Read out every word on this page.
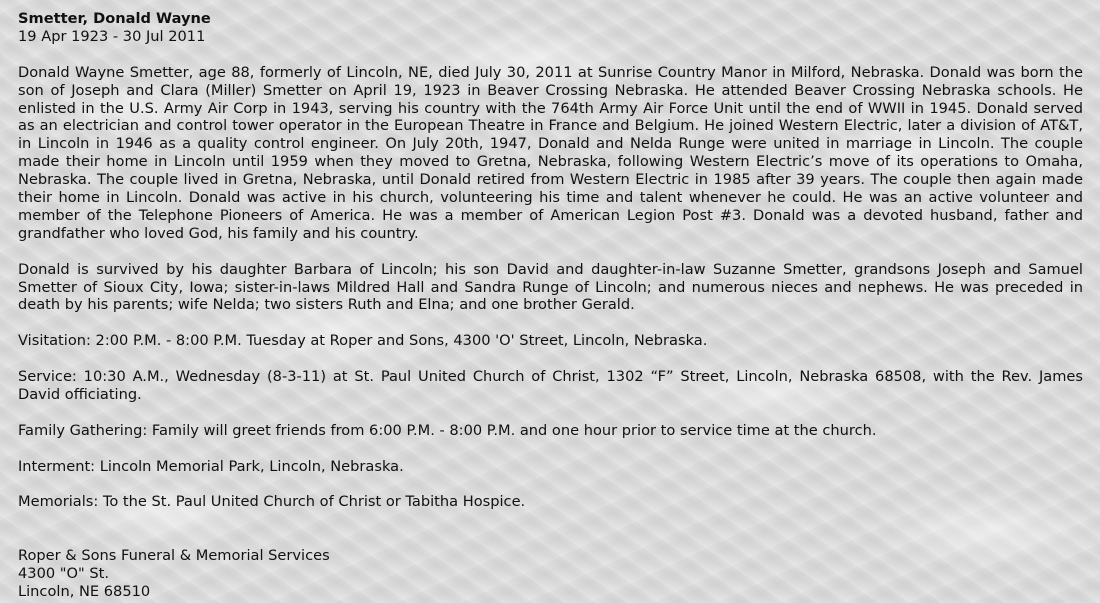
Smetter, Donald Wayne

19 Apr 1923 - 30 Jul 2011

Donald Wayne Smetter, age 88, formerly of Lincoln, NE, died July 30, 2011 at Sunrise Country Manor in Milford, Nebraska. Donald was born the son of Joseph and Clara (Miller) Smetter on April 19, 1923 in Beaver Crossing Nebraska. He attended Beaver Crossing Nebraska schools. He enlisted in the U.S. Army Air Corp in 1943, serving his country with the 764th Army Air Force Unit until the end of WWII in 1945. Donald served as an electrician and control tower operator in the European Theatre in France and Belgium. He joined Western Electric, later a division of AT&T, in Lincoln in 1946 as a quality control engineer. On July 20th, 1947, Donald and Nelda Runge were united in marriage in Lincoln. The couple made their home in Lincoln until 1959 when they moved to Gretna, Nebraska, following Western Electric’s move of its operations to Omaha, Nebraska. The couple lived in Gretna, Nebraska, until Donald retired from Western Electric in 1985 after 39 years. The couple then again made their home in Lincoln. Donald was active in his church, volunteering his time and talent whenever he could. He was an active volunteer and member of the Telephone Pioneers of America. He was a member of American Legion Post #3. Donald was a devoted husband, father and grandfather who loved God, his family and his country.

Donald is survived by his daughter Barbara of Lincoln; his son David and daughter-in-law Suzanne Smetter, grandsons Joseph and Samuel Smetter of Sioux City, Iowa; sister-in-laws Mildred Hall and Sandra Runge of Lincoln; and numerous nieces and nephews. He was preceded in death by his parents; wife Nelda; two sisters Ruth and Elna; and one brother Gerald.

Visitation: 2:00 P.M. - 8:00 P.M. Tuesday at Roper and Sons, 4300 'O' Street, Lincoln, Nebraska.

Service: 10:30 A.M., Wednesday (8-3-11) at St. Paul United Church of Christ, 1302 “F” Street, Lincoln, Nebraska 68508, with the Rev. James David officiating.

Family Gathering: Family will greet friends from 6:00 P.M. - 8:00 P.M. and one hour prior to service time at the church.

Interment: Lincoln Memorial Park, Lincoln, Nebraska.

Memorials: To the St. Paul United Church of Christ or Tabitha Hospice.

Roper & Sons Funeral & Memorial Services
4300 "O" St.
Lincoln, NE 68510
